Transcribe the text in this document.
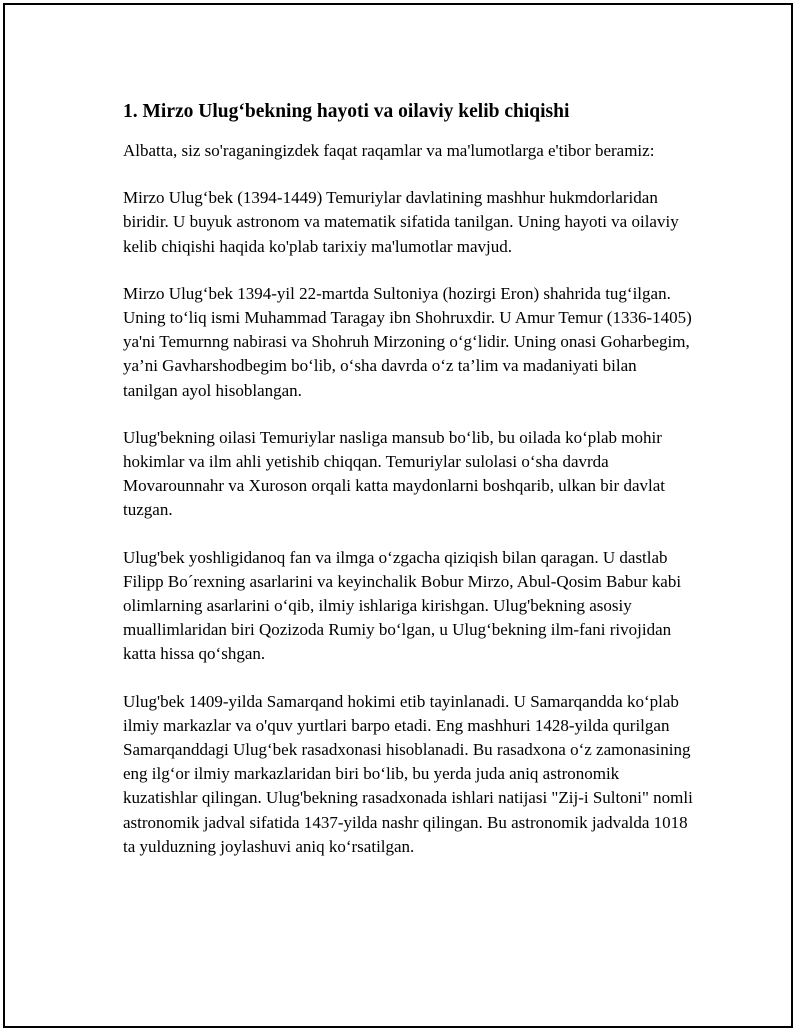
1. Mirzo Ulug‘bekning hayoti va oilaviy kelib chiqishi

Albatta, siz so'raganingizdek faqat raqamlar va ma'lumotlarga e'tibor beramiz:

Mirzo Ulug‘bek (1394-1449) Temuriylar davlatining mashhur hukmdorlaridan biridir. U buyuk astronom va matematik sifatida tanilgan. Uning hayoti va oilaviy kelib chiqishi haqida ko'plab tarixiy ma'lumotlar mavjud.

Mirzo Ulug‘bek 1394-yil 22-martda Sultoniya (hozirgi Eron) shahrida tug‘ilgan. Uning to‘liq ismi Muhammad Taragay ibn Shohruxdir. U Amur Temur (1336-1405) ya'ni Temurnng nabirasi va Shohruh Mirzoning o‘g‘lidir. Uning onasi Goharbegim, ya’ni Gavharshodbegim bo‘lib, o‘sha davrda o‘z ta’lim va madaniyati bilan tanilgan ayol hisoblangan.

Ulug'bekning oilasi Temuriylar nasliga mansub bo‘lib, bu oilada ko‘plab mohir hokimlar va ilm ahli yetishib chiqqan. Temuriylar sulolasi o‘sha davrda Movarounnahr va Xuroson orqali katta maydonlarni boshqarib, ulkan bir davlat tuzgan.

Ulug'bek yoshligidanoq fan va ilmga o‘zgacha qiziqish bilan qaragan. U dastlab Filipp Bo´rexning asarlarini va keyinchalik Bobur Mirzo, Abul-Qosim Babur kabi olimlarning asarlarini o‘qib, ilmiy ishlariga kirishgan. Ulug'bekning asosiy muallimlaridan biri Qozizoda Rumiy bo‘lgan, u Ulug‘bekning ilm-fani rivojidan katta hissa qo‘shgan.

Ulug'bek 1409-yilda Samarqand hokimi etib tayinlanadi. U Samarqandda ko‘plab ilmiy markazlar va o'quv yurtlari barpo etadi. Eng mashhuri 1428-yilda qurilgan Samarqanddagi Ulug‘bek rasadxonasi hisoblanadi. Bu rasadxona o‘z zamonasining eng ilg‘or ilmiy markazlaridan biri bo‘lib, bu yerda juda aniq astronomik kuzatishlar qilingan. Ulug'bekning rasadxonada ishlari natijasi "Zij-i Sultoni" nomli astronomik jadval sifatida 1437-yilda nashr qilingan. Bu astronomik jadvalda 1018 ta yulduzning joylashuvi aniq ko‘rsatilgan.
